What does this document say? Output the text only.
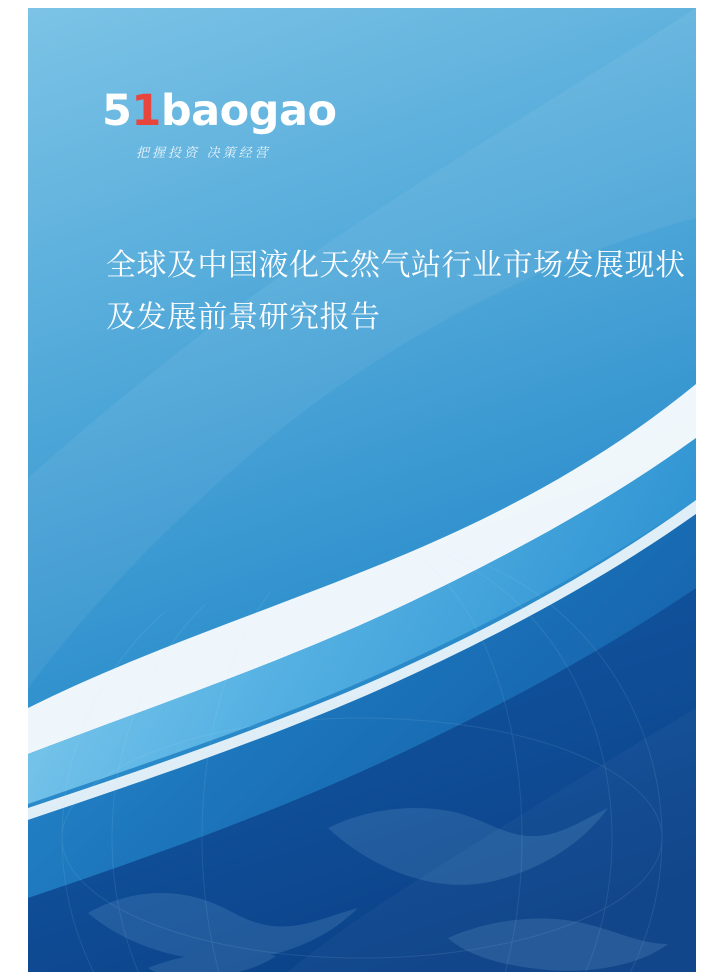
51baogao
把握投资 决策经营
全球及中国液化天然气站行业市场发展现状及发展前景研究报告
